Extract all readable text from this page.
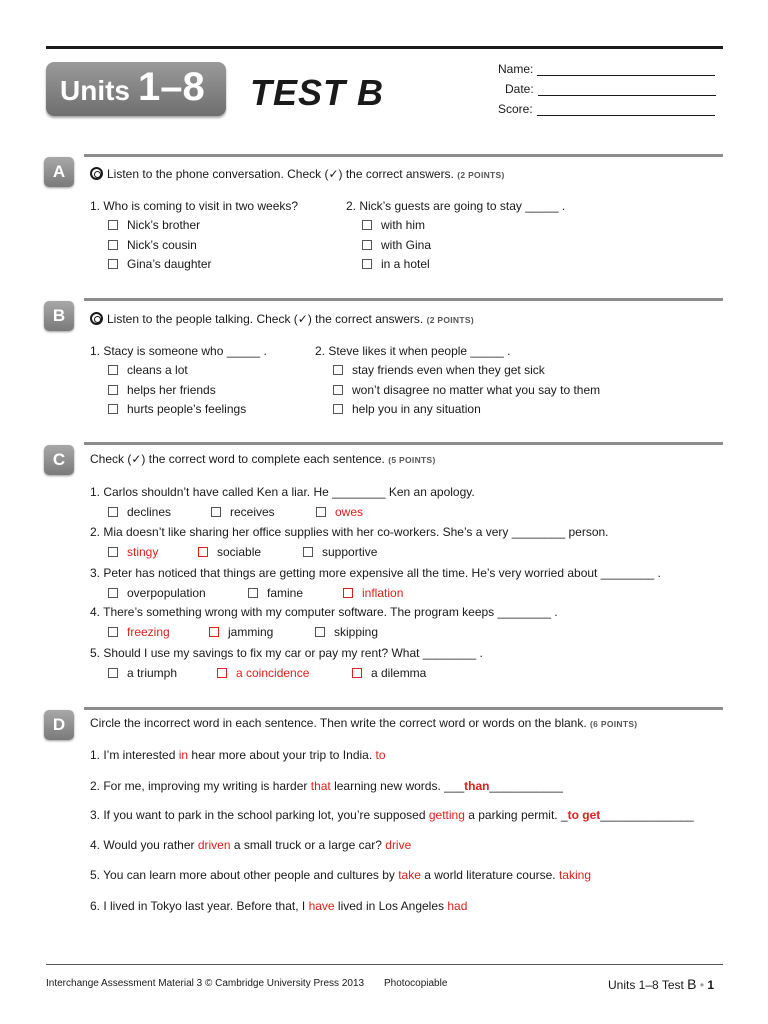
Units 1–8 TEST B
Name:
Date:
Score:
A	Listen to the phone conversation. Check (✓) the correct answers. (2 POINTS)
1. Who is coming to visit in two weeks?
Nick’s brother
Nick’s cousin
Gina’s daughter
2. Nick’s guests are going to stay _____ .
with him
with Gina
in a hotel
B	Listen to the people talking. Check (✓) the correct answers. (2 POINTS)
1. Stacy is someone who _____ .
cleans a lot
helps her friends
hurts people’s feelings
2. Steve likes it when people _____ .
stay friends even when they get sick
won’t disagree no matter what you say to them
help you in any situation
C	Check (✓) the correct word to complete each sentence. (5 POINTS)
1. Carlos shouldn’t have called Ken a liar. He ________ Ken an apology.
declines	receives	owes
2. Mia doesn’t like sharing her office supplies with her co-workers. She’s a very ________ person.
stingy	sociable	supportive
3. Peter has noticed that things are getting more expensive all the time. He’s very worried about ________ .
overpopulation	famine	inflation
4. There’s something wrong with my computer software. The program keeps ________ .
freezing	jamming	skipping
5. Should I use my savings to fix my car or pay my rent? What ________ .
a triumph	a coincidence	a dilemma
D	Circle the incorrect word in each sentence. Then write the correct word or words on the blank. (6 POINTS)
1. I’m interested in hear more about your trip to India. to
2. For me, improving my writing is harder that learning new words. ___than___________
3. If you want to park in the school parking lot, you’re supposed getting a parking permit. _to get______________
4. Would you rather driven a small truck or a large car? drive
5. You can learn more about other people and cultures by take a world literature course. taking
6. I lived in Tokyo last year. Before that, I have lived in Los Angeles had
Interchange Assessment Material 3 © Cambridge University Press 2013 Photocopiable	Units 1–8 Test B • 1
